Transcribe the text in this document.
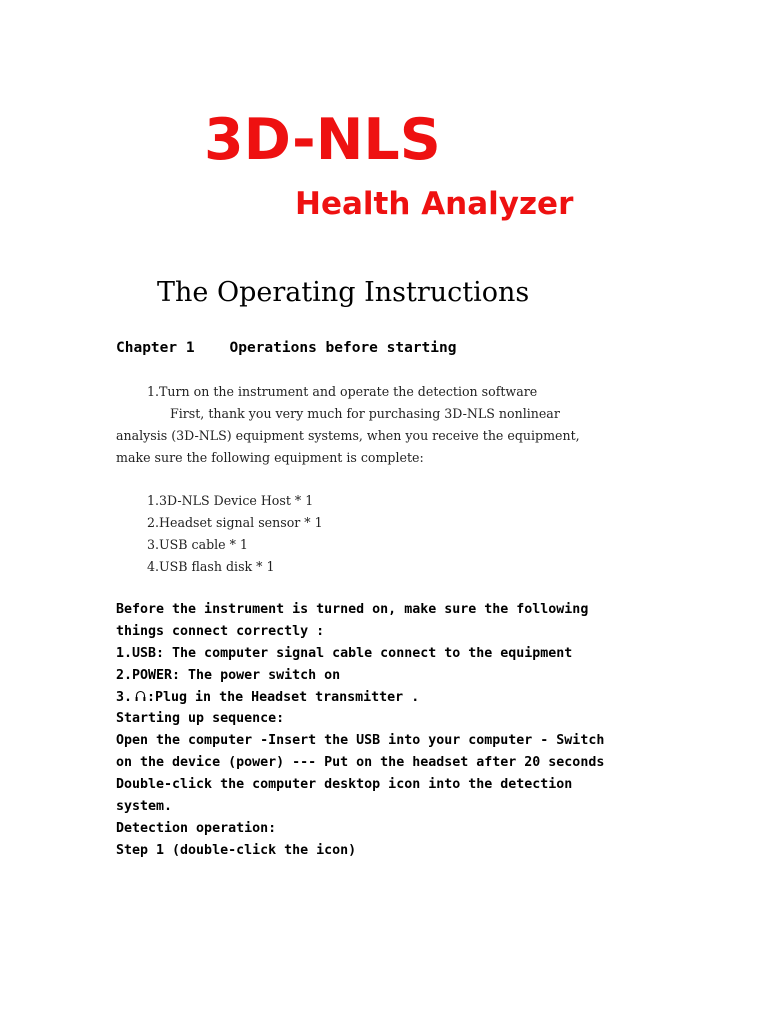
3D-NLS
Health Analyzer
The Operating Instructions
Chapter 1 Operations before starting
1.Turn on the instrument and operate the detection software
First, thank you very much for purchasing 3D-NLS nonlinear
analysis (3D-NLS) equipment systems, when you receive the equipment,
make sure the following equipment is complete:
1.3D-NLS Device Host * 1
2.Headset signal sensor * 1
3.USB cable * 1
4.USB flash disk * 1
Before the instrument is turned on, make sure the following
things connect correctly :
1.USB: The computer signal cable connect to the equipment
2.POWER: The power switch on
3. :Plug in the Headset transmitter .
Starting up sequence:
Open the computer -Insert the USB into your computer - Switch
on the device (power) --- Put on the headset after 20 seconds
Double-click the computer desktop icon into the detection
system.
Detection operation:
Step 1 (double-click the icon)
